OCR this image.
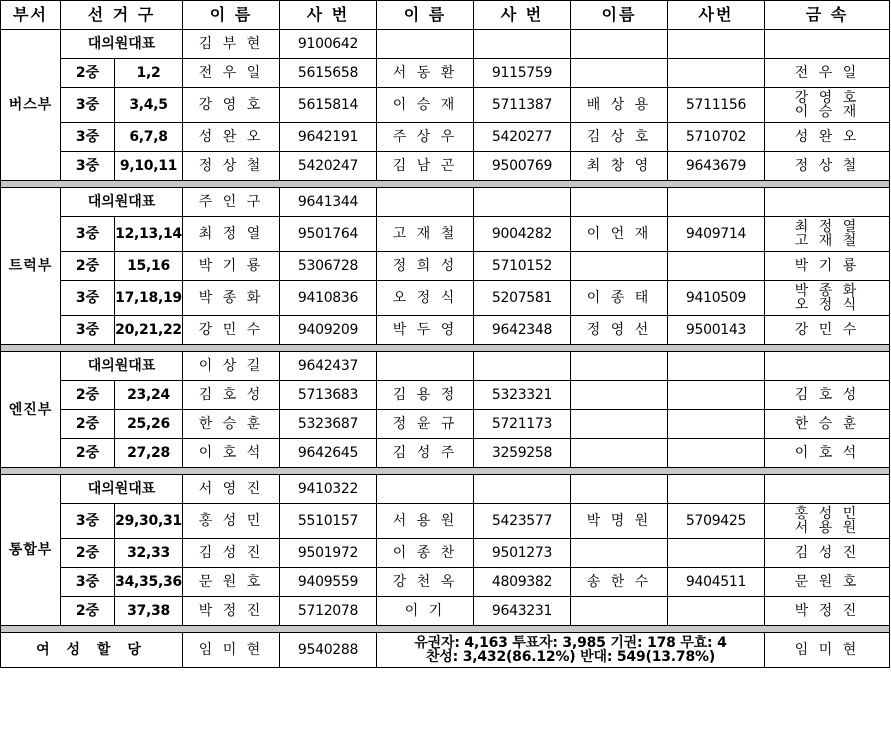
부서	선 거 구		이 름	사 번	이 름	사 번	이름	사번	금 속
버스부	대의원대표		김 부 현	9100642					
	2중	1,2	전 우 일	5615658	서 동 환	9115759			전 우 일

	3중	3,4,5	강 영 호	5615814	이 승 재	5711387	배 상 용	5711156	강 영 호
이 승 재

	3중	6,7,8	성 완 오	9642191	주 상 우	5420277	김 상 호	5710702	성 완 오

	3중	9,10,11	정 상 철	5420247	김 남 곤	9500769	최 창 영	9643679	정 상 철

트럭부	대의원대표		주 인 구	9641344					
	3중	12,13,14	최 정 열	9501764	고 재 철	9004282	이 언 재	9409714	최 정 열
고 재 철

	2중	15,16	박 기 룡	5306728	정 희 성	5710152			박 기 룡

	3중	17,18,19	박 종 화	9410836	오 정 식	5207581	이 종 태	9410509	박 종 화
오 정 식

	3중	20,21,22	강 민 수	9409209	박 두 영	9642348	정 영 선	9500143	강 민 수

엔진부	대의원대표		이 상 길	9642437					
	2중	23,24	김 호 성	5713683	김 용 정	5323321			김 호 성

	2중	25,26	한 승 훈	5323687	정 윤 규	5721173			한 승 훈

	2중	27,28	이 호 석	9642645	김 성 주	3259258			이 호 석

통합부	대의원대표		서 영 진	9410322					
	3중	29,30,31	홍 성 민	5510157	서 용 원	5423577	박 명 원	5709425	홍 성 민
서 용 원

	2중	32,33	김 성 진	9501972	이 종 찬	9501273			김 성 진

	3중	34,35,36	문 원 호	9409559	강 천 옥	4809382	송 한 수	9404511	문 원 호

	2중	37,38	박 정 진	5712078	이 기	9643231			박 정 진

여 성 할 당			임 미 현	9540288	유권자: 4,163 투표자: 3,985 기권: 178 무효: 4
찬성: 3,432(86.12%) 반대: 549(13.78%)				임 미 현
